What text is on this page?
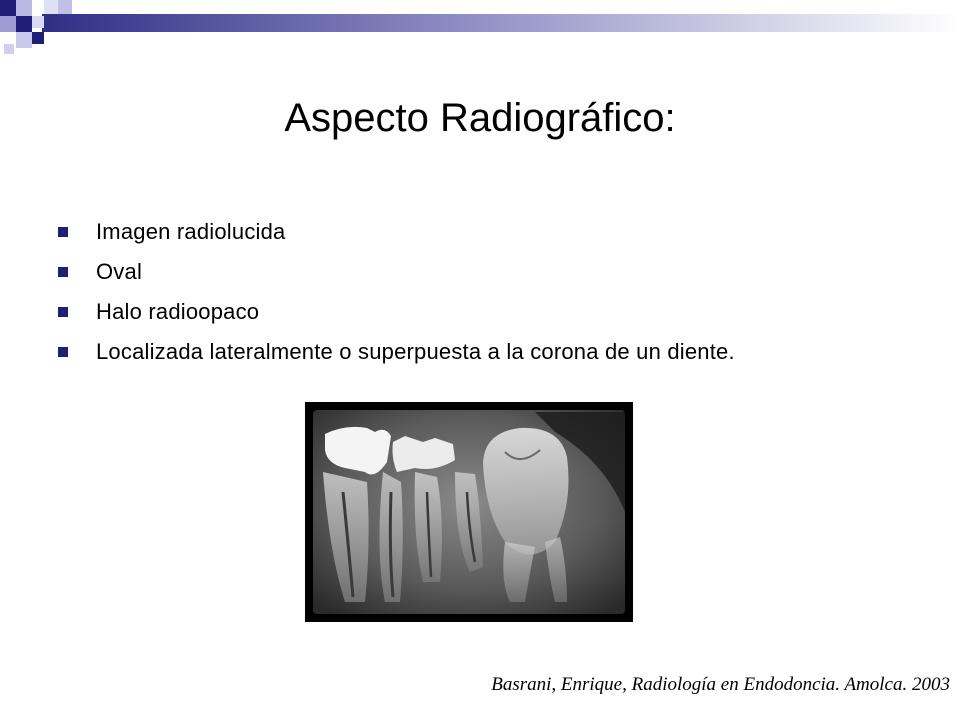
Aspecto Radiográfico:
Imagen radiolucida
Oval
Halo radioopaco
Localizada lateralmente o superpuesta a la corona de un diente.
Basrani, Enrique, Radiología en Endodoncia. Amolca. 2003
